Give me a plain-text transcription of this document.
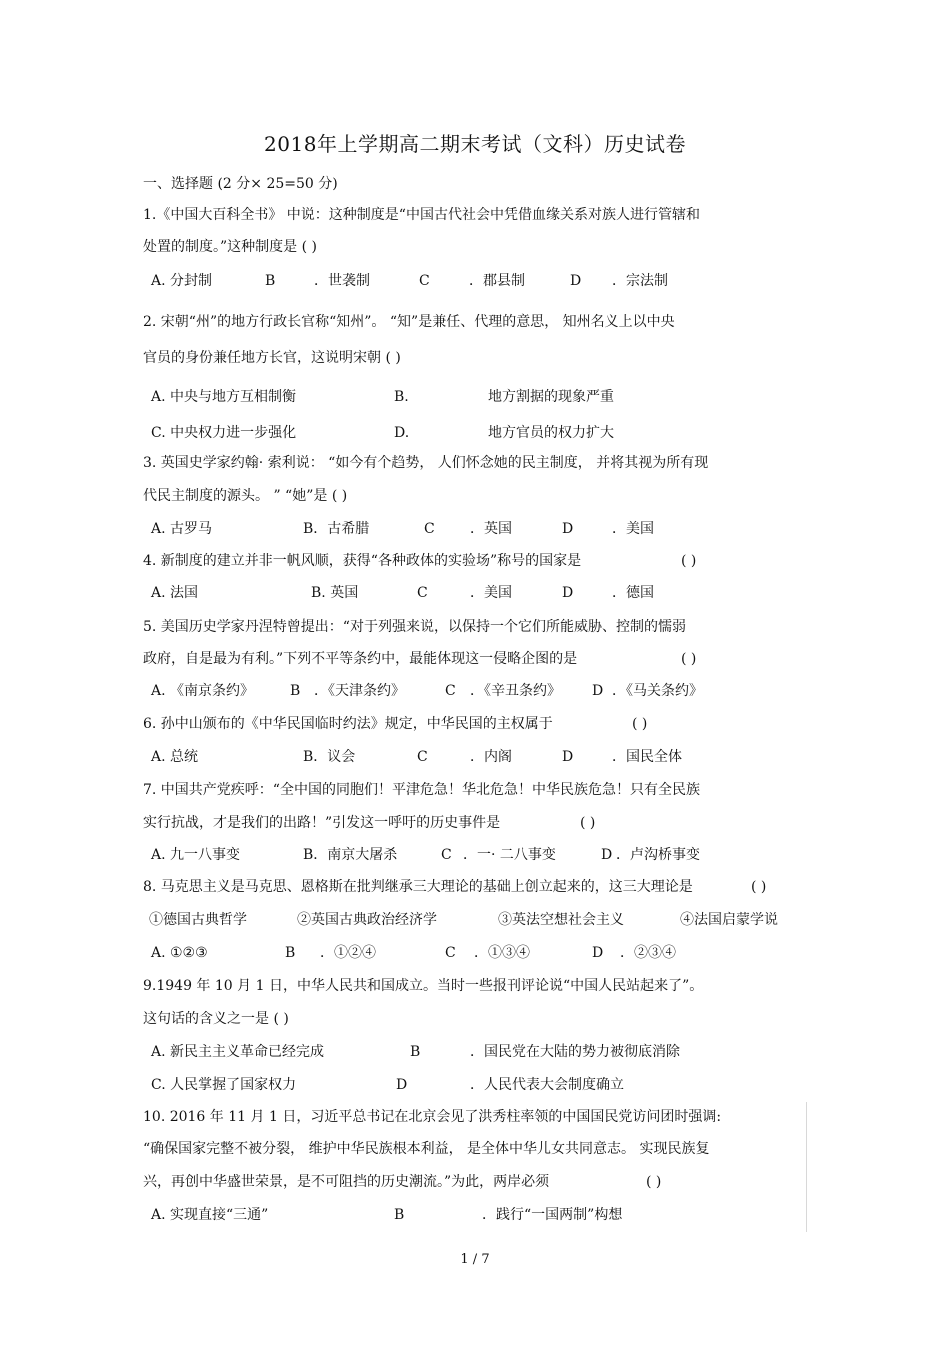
2018年上学期高二期末考试（文科）历史试卷
一、选择题 (2 分× 25=50 分)
1.《中国大百科全书》 中说：这种制度是“中国古代社会中凭借血缘关系对族人进行管辖和
处置的制度。”这种制度是 ( )
A. 分封制	B	．世袭制	C	．郡县制	D ．宗法制
2. 宋朝“州”的地方行政长官称“知州”。 “知”是兼任、代理的意思， 知州名义上以中央
官员的身份兼任地方长官，这说明宋朝 ( )
A. 中央与地方互相制衡	B.	地方割据的现象严重
C. 中央权力进一步强化	D.	地方官员的权力扩大
3. 英国史学家约翰· 索利说： “如今有个趋势， 人们怀念她的民主制度， 并将其视为所有现
代民主制度的源头。 ” “她”是 ( )
A. 古罗马	B．古希腊	C	．英国	D	．美国
4. 新制度的建立并非一帆风顺，获得“各种政体的实验场”称号的国家是	( )
A. 法国	B. 英国	C	．美国	D	．德国
5. 美国历史学家丹涅特曾提出：“对于列强来说，以保持一个它们所能威胁、控制的懦弱
政府，自是最为有利。”下列不平等条约中，最能体现这一侵略企图的是	( )
A. 《南京条约》	B ．《天津条约》	C ．《辛丑条约》 D ．《马关条约》
6. 孙中山颁布的《中华民国临时约法》规定，中华民国的主权属于	( )
A. 总统	B．议会	C	．内阁	D	．国民全体
7. 中国共产党疾呼：“全中国的同胞们！平津危急！华北危急！中华民族危急！只有全民族
实行抗战，才是我们的出路！”引发这一呼吁的历史事件是	( )
A. 九一八事变	B．南京大屠杀	C ．一· 二八事变	D ．卢沟桥事变
8. 马克思主义是马克思、恩格斯在批判继承三大理论的基础上创立起来的，这三大理论是	( )
①德国古典哲学	②英国古典政治经济学	③英法空想社会主义	④法国启蒙学说
A. ①②③	B ．①②④	C ．①③④	D ．②③④
9.1949 年 10 月 1 日，中华人民共和国成立。当时一些报刊评论说“中国人民站起来了”。
这句话的含义之一是 ( )
A. 新民主主义革命已经完成	B	．国民党在大陆的势力被彻底消除
C. 人民掌握了国家权力	D	．人民代表大会制度确立
10. 2016 年 11 月 1 日，习近平总书记在北京会见了洪秀柱率领的中国国民党访问团时强调:
“确保国家完整不被分裂， 维护中华民族根本利益， 是全体中华儿女共同意志。 实现民族复
兴，再创中华盛世荣景，是不可阻挡的历史潮流。”为此，两岸必须	( )
A. 实现直接“三通”	B	．践行“一国两制”构想
1 / 7
